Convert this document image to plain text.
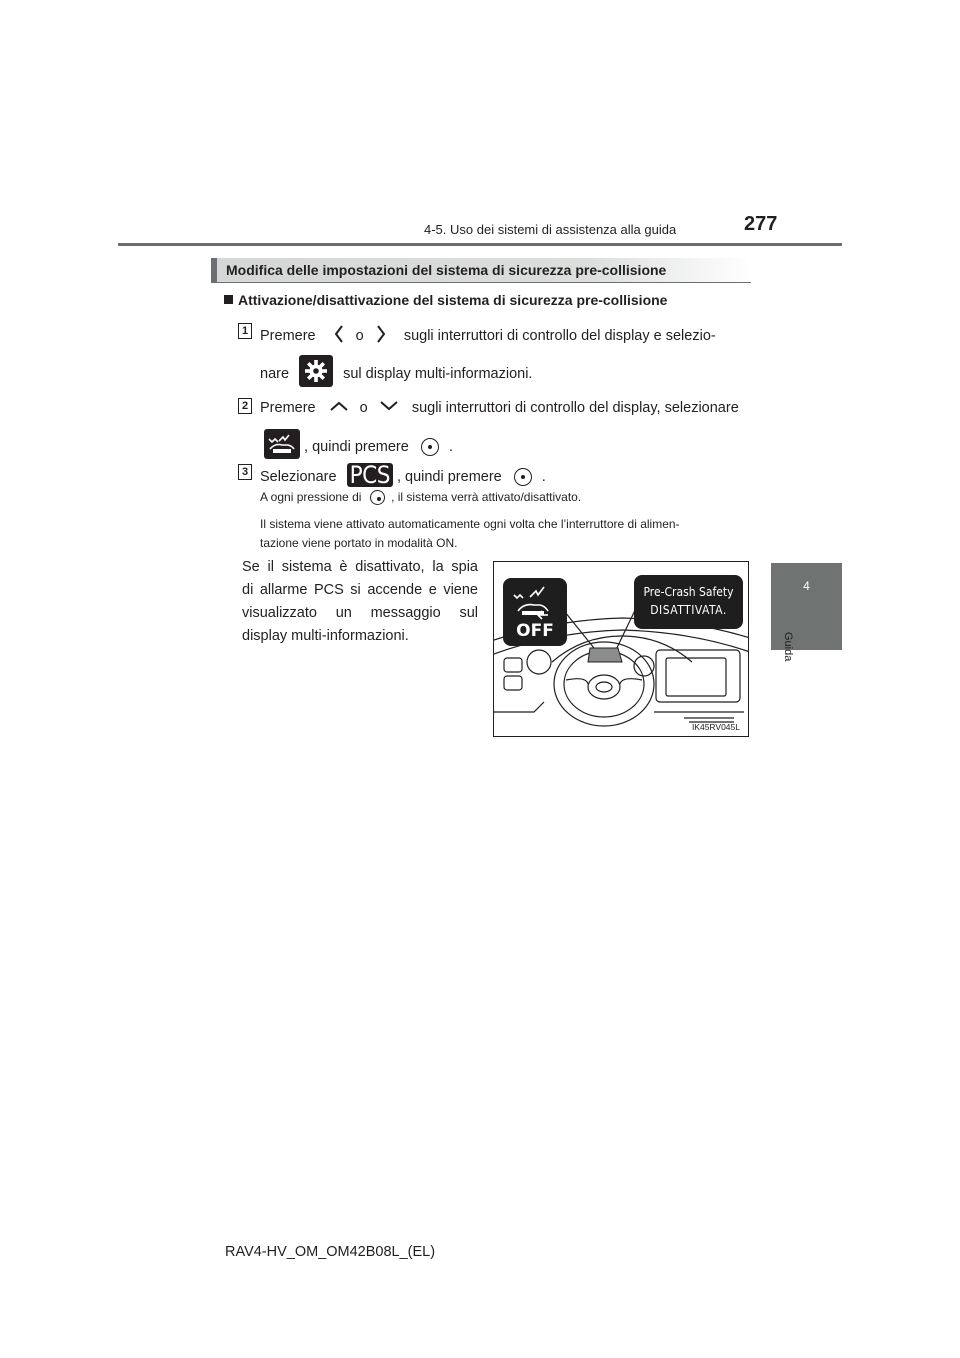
4-5. Uso dei sistemi di assistenza alla guida	277
4
Guida
Modifica delle impostazioni del sistema di sicurezza pre-collisione
Attivazione/disattivazione del sistema di sicurezza pre-collisione
1 Premere	o	sugli interruttori di controllo del display e selezio-
nare	sul display multi-informazioni.
2 Premere	o	sugli interruttori di controllo del display, selezionare
, quindi premere	.
3 Selezionare PCS , quindi premere	.
A ogni pressione di , il sistema verrà attivato/disattivato.
Il sistema viene attivato automaticamente ogni volta che l’interruttore di alimen-
tazione viene portato in modalità ON.
Se il sistema è disattivato, la spia
di allarme PCS si accende e viene
visualizzato un messaggio sul
display multi-informazioni.	OFF
Pre-Crash Safety
DISATTIVATA.
IK45RV045L
RAV4-HV_OM_OM42B08L_(EL)
